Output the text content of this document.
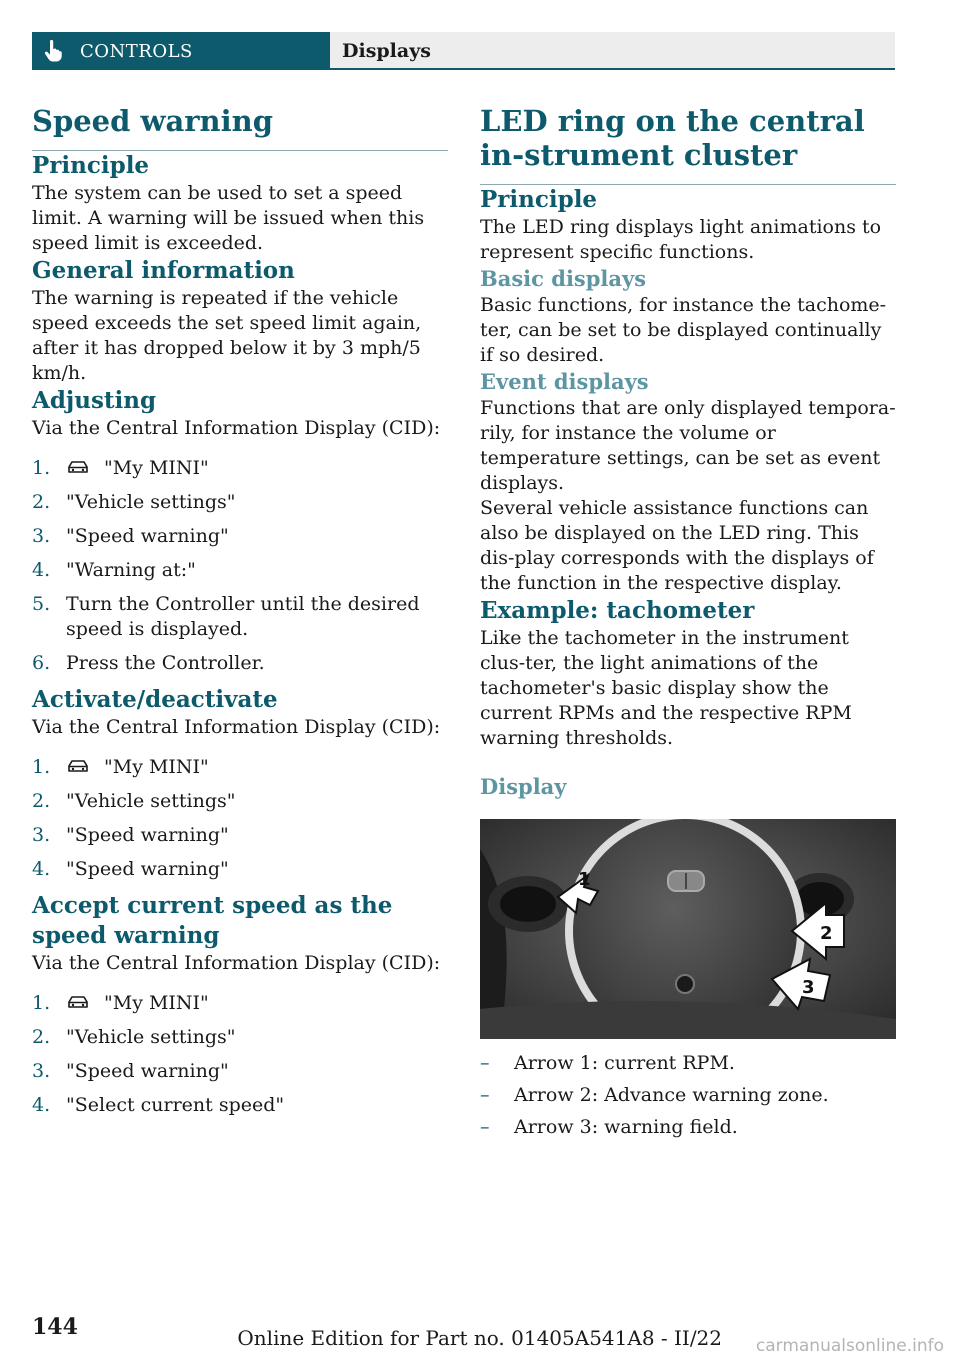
CONTROLS	Displays
Speed warning
Principle

The system can be used to set a speed limit. A warning will be issued when this speed limit is exceeded.

General information

The warning is repeated if the vehicle speed exceeds the set speed limit again, after it has dropped below it by 3 mph/5 km/h.

Adjusting

Via the Central Information Display (CID):

1.	"My MINI"
2. "Vehicle settings"
3. "Speed warning"
4. "Warning at:"
5. Turn the Controller until the desired speed is displayed.
6. Press the Controller.
Activate/deactivate

Via the Central Information Display (CID):

1.	"My MINI"
2. "Vehicle settings"
3. "Speed warning"
4. "Speed warning"
Accept current speed as the speed warning

Via the Central Information Display (CID):

1.	"My MINI"
2. "Vehicle settings"
3. "Speed warning"
4. "Select current speed"
LED ring on the central in-strument cluster
Principle

The LED ring displays light animations to represent specific functions.

Basic displays

Basic functions, for instance the tachome-ter, can be set to be displayed continually if so desired.

Event displays

Functions that are only displayed tempora-rily, for instance the volume or temperature settings, can be set as event displays.

Several vehicle assistance functions can also be displayed on the LED ring. This dis-play corresponds with the displays of the function in the respective display.

Example: tachometer

Like the tachometer in the instrument clus-ter, the light animations of the tachometer's basic display show the current RPMs and the respective RPM warning thresholds.

Display
1
2
3
–	Arrow 1: current RPM.
–	Arrow 2: Advance warning zone.
–	Arrow 3: warning field.
144	Online Edition for Part no. 01405A541A8 - II/22 carmanualsonline.info
